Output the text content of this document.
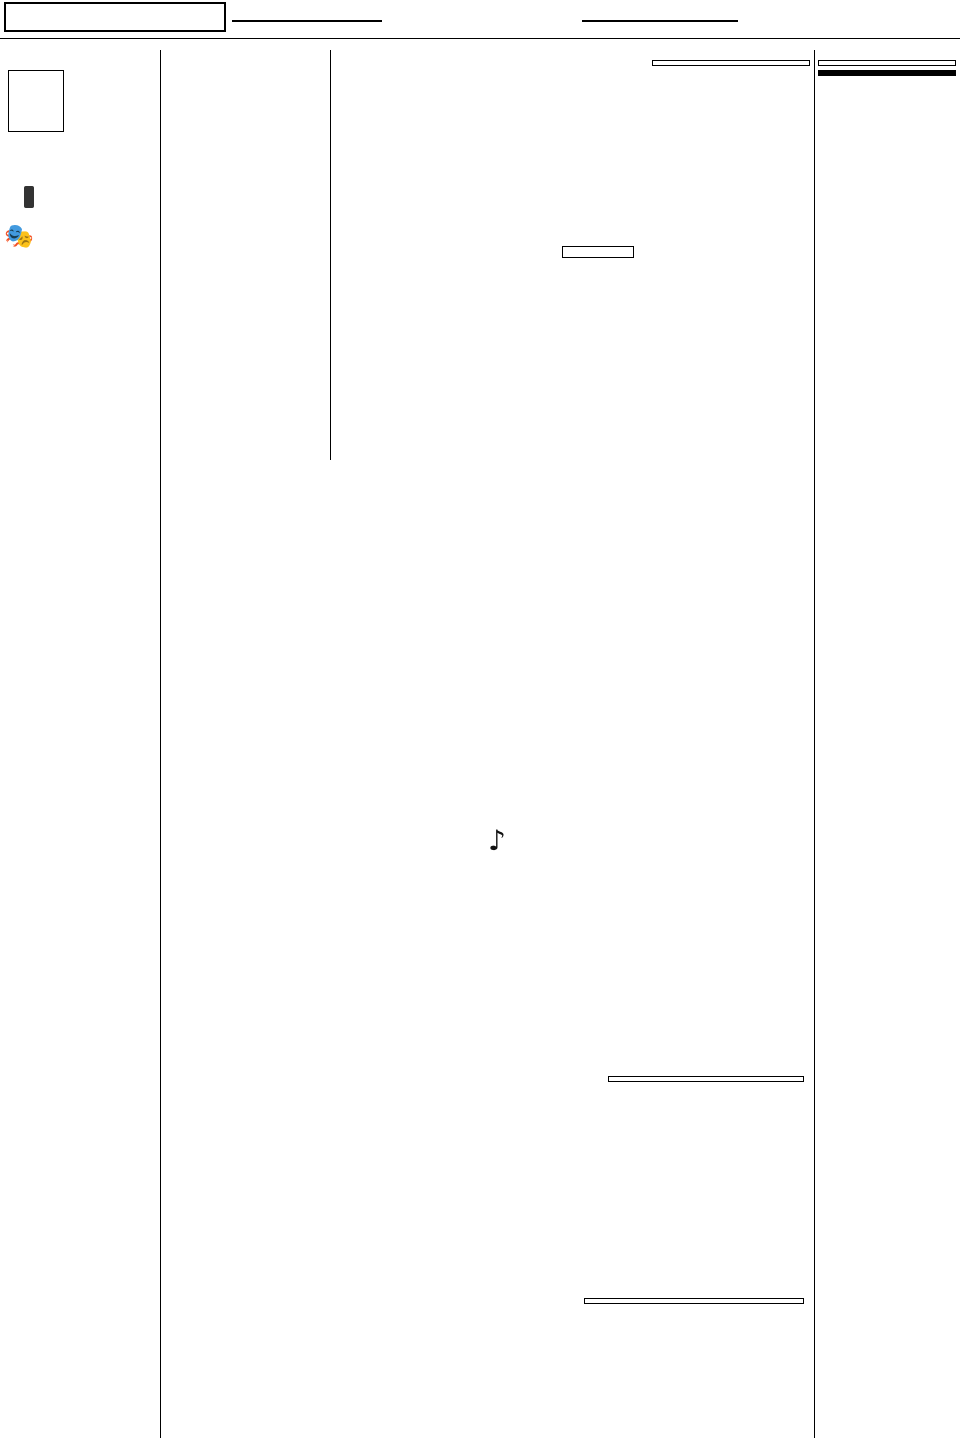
🎭
♪
